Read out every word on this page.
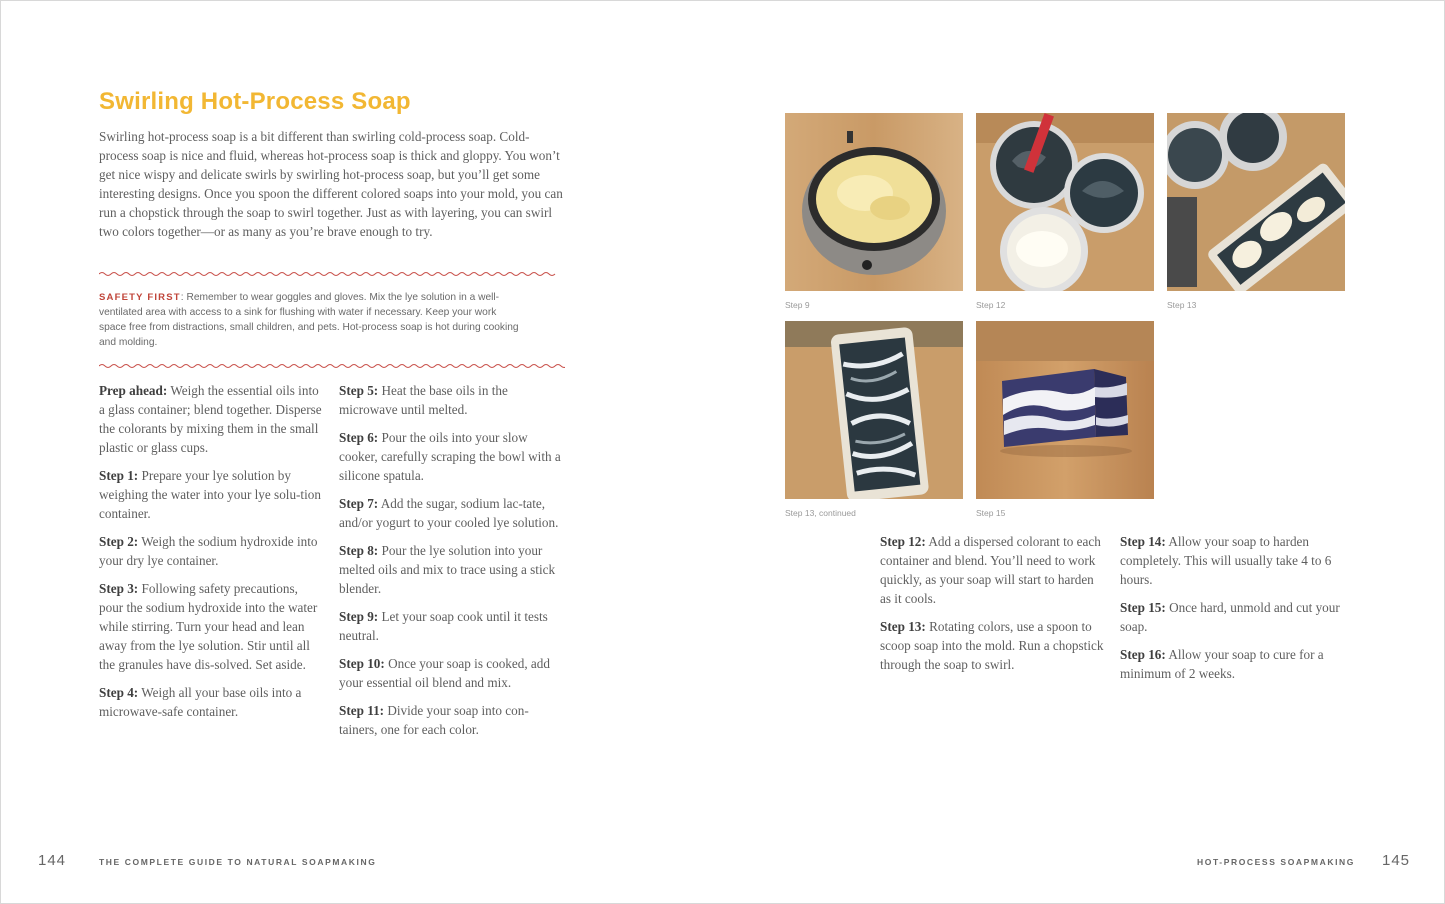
Swirling Hot-Process Soap
Swirling hot-process soap is a bit different than swirling cold-process soap. Cold-process soap is nice and fluid, whereas hot-process soap is thick and gloppy. You won’t get nice wispy and delicate swirls by swirling hot-process soap, but you’ll get some interesting designs. Once you spoon the different colored soaps into your mold, you can run a chopstick through the soap to swirl together. Just as with layering, you can swirl two colors together—or as many as you’re brave enough to try.
SAFETY FIRST: Remember to wear goggles and gloves. Mix the lye solution in a well-ventilated area with access to a sink for flushing with water if necessary. Keep your work space free from distractions, small children, and pets. Hot-process soap is hot during cooking and molding.

Prep ahead: Weigh the essential oils into a glass container; blend together. Disperse the colorants by mixing them in the small plastic or glass cups.

Step 1: Prepare your lye solution by weighing the water into your lye solu-tion container.

Step 2: Weigh the sodium hydroxide into your dry lye container.

Step 3: Following safety precautions, pour the sodium hydroxide into the water while stirring. Turn your head and lean away from the lye solution. Stir until all the granules have dis-solved. Set aside.

Step 4: Weigh all your base oils into a microwave-safe container.

Step 5: Heat the base oils in the microwave until melted.

Step 6: Pour the oils into your slow cooker, carefully scraping the bowl with a silicone spatula.

Step 7: Add the sugar, sodium lac-tate, and/or yogurt to your cooled lye solution.

Step 8: Pour the lye solution into your melted oils and mix to trace using a stick blender.

Step 9: Let your soap cook until it tests neutral.

Step 10: Once your soap is cooked, add your essential oil blend and mix.

Step 11: Divide your soap into con-tainers, one for each color.

144	THE COMPLETE GUIDE TO NATURAL SOAPMAKING
Step 9	Step 12	Step 13
Step 13, continued	Step 15

Step 12: Add a dispersed colorant to each container and blend. You’ll need to work quickly, as your soap will start to harden as it cools.

Step 13: Rotating colors, use a spoon to scoop soap into the mold. Run a chopstick through the soap to swirl.

Step 14: Allow your soap to harden completely. This will usually take 4 to 6 hours.

Step 15: Once hard, unmold and cut your soap.

Step 16: Allow your soap to cure for a minimum of 2 weeks.

HOT-PROCESS SOAPMAKING 145
